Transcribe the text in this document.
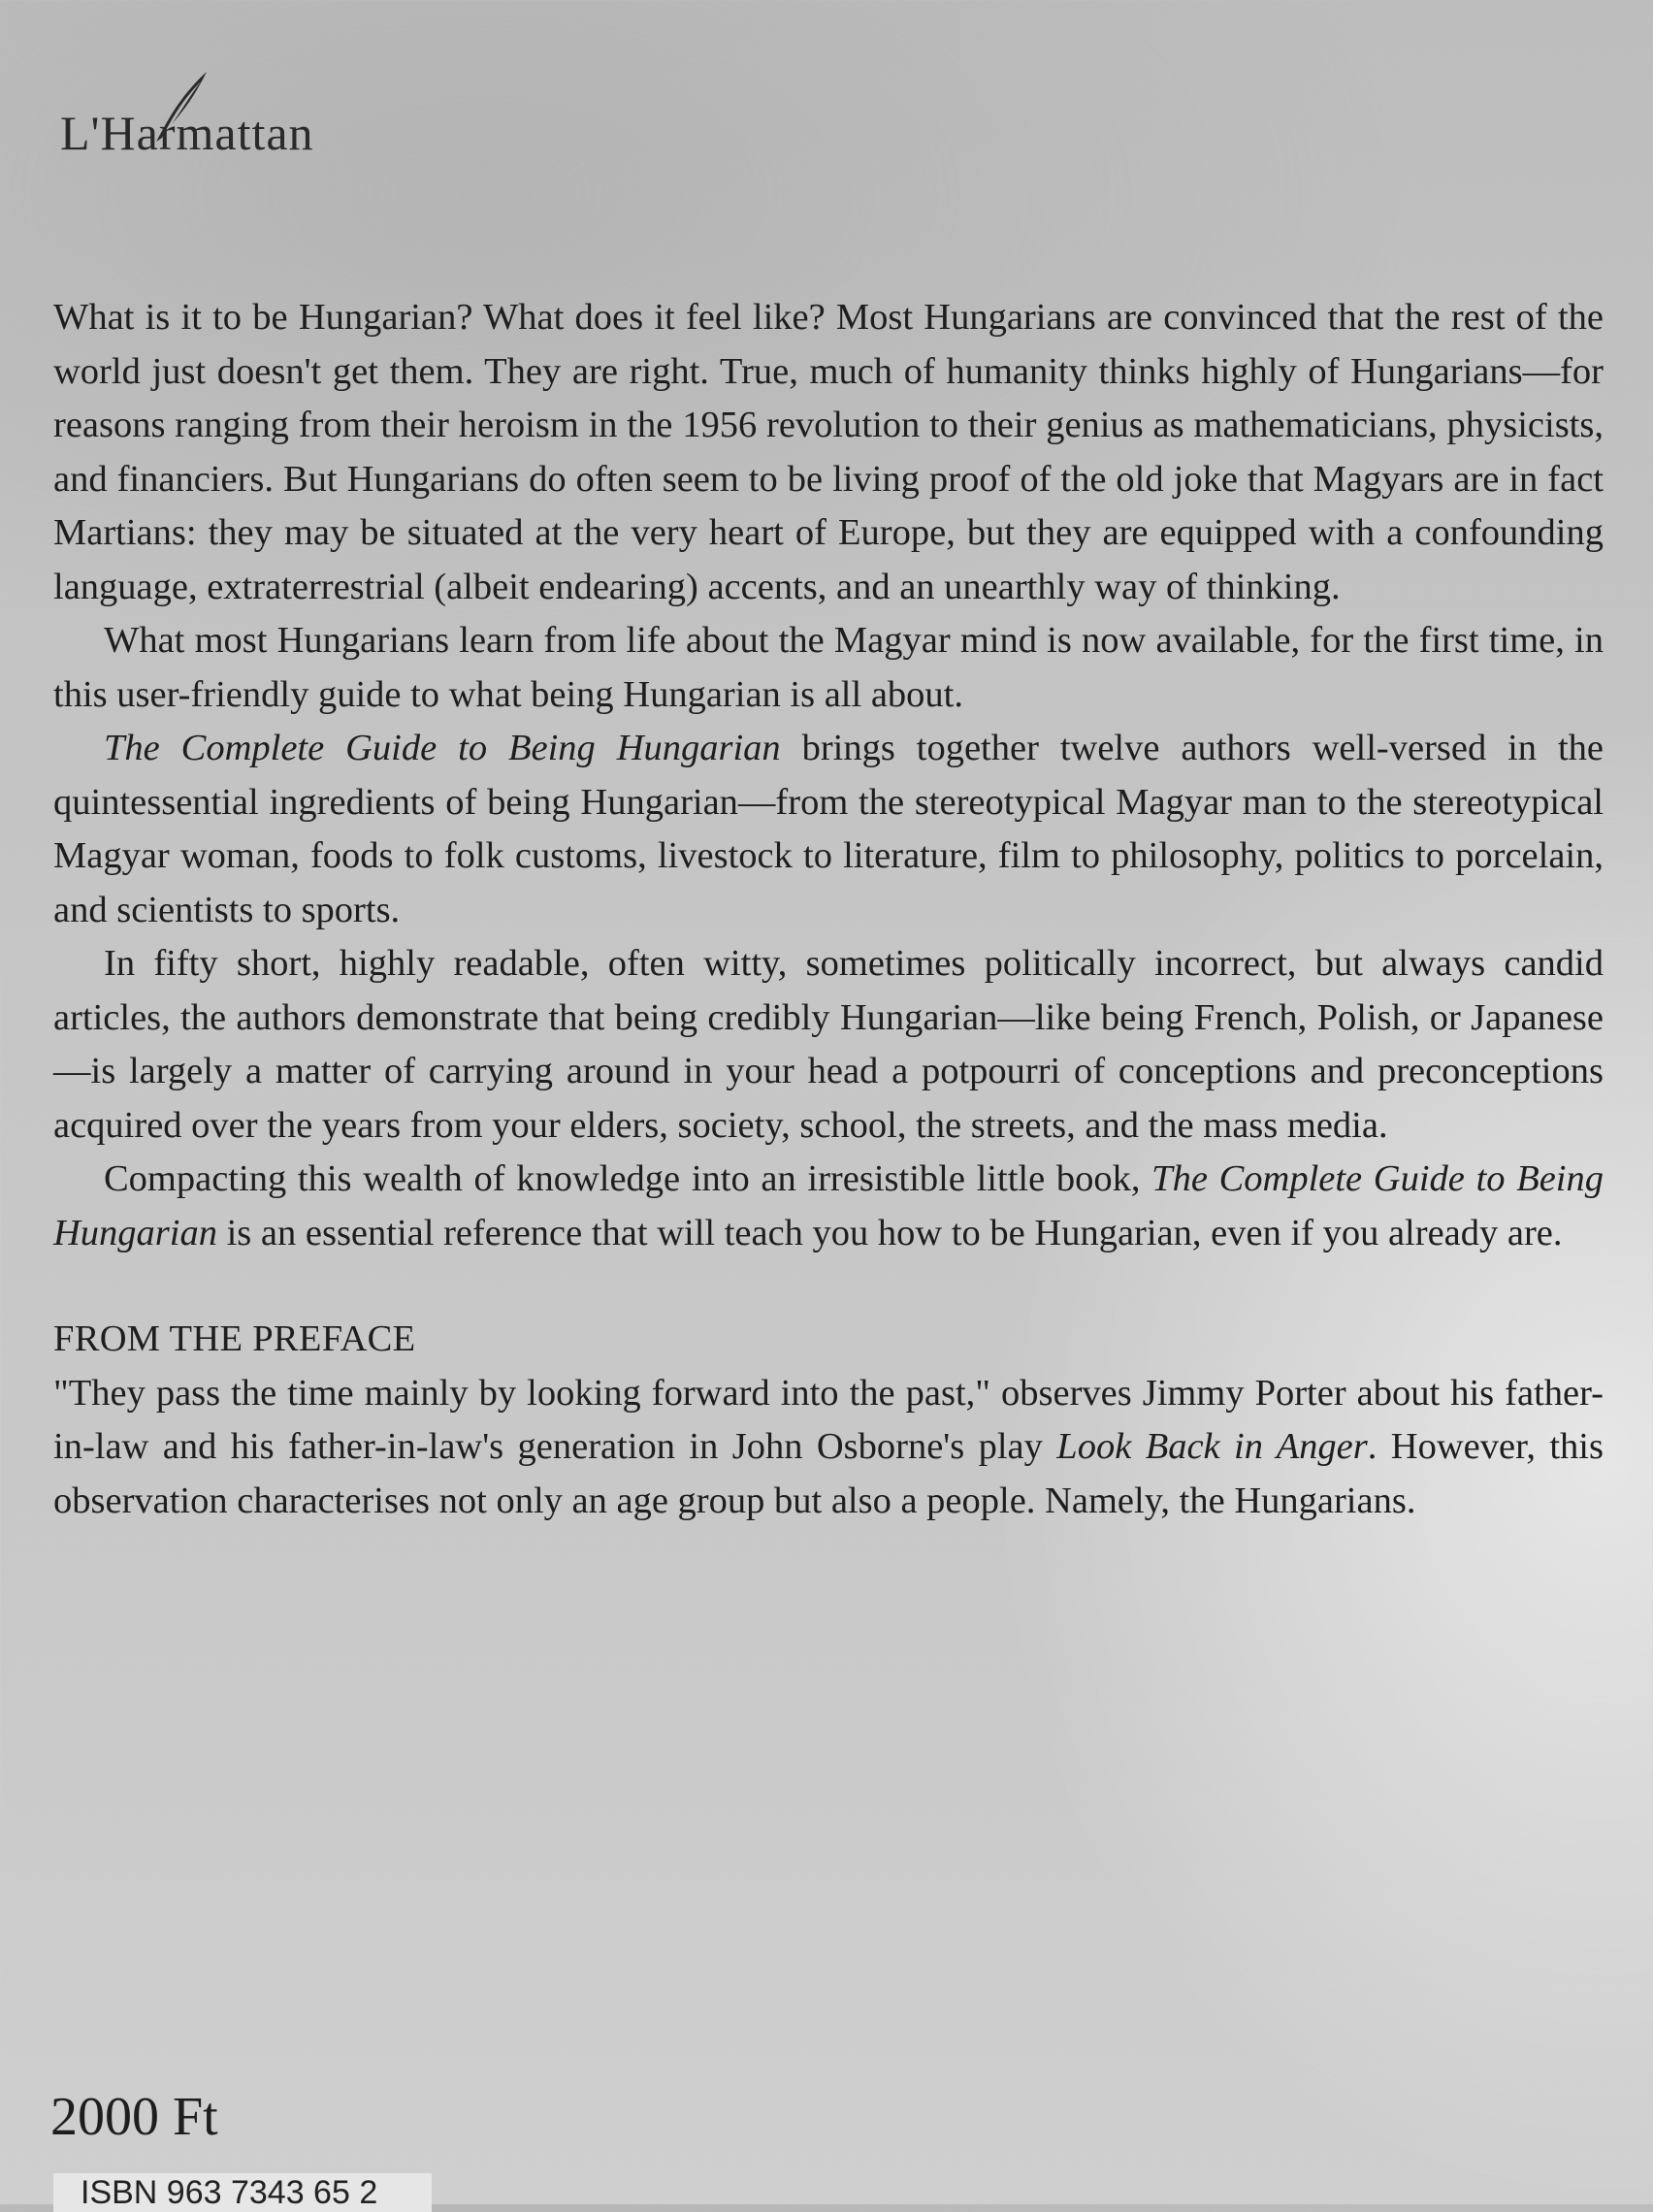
L'Harmattan

What is it to be Hungarian? What does it feel like? Most Hungarians are convinced that the rest of the world just doesn't get them. They are right. True, much of humanity thinks highly of Hungarians—for reasons ranging from their heroism in the 1956 revolution to their genius as mathematicians, physicists, and financiers. But Hungarians do often seem to be living proof of the old joke that Magyars are in fact Martians: they may be situated at the very heart of Europe, but they are equipped with a confounding language, extraterrestrial (albeit endearing) accents, and an unearthly way of thinking.

What most Hungarians learn from life about the Magyar mind is now available, for the first time, in this user-friendly guide to what being Hungarian is all about.

The Complete Guide to Being Hungarian brings together twelve authors well-versed in the quintessential ingredients of being Hungarian—from the stereotypical Magyar man to the stereotypical Magyar woman, foods to folk customs, livestock to literature, film to philosophy, politics to porcelain, and scientists to sports.

In fifty short, highly readable, often witty, sometimes politically incorrect, but always candid articles, the authors demonstrate that being credibly Hungarian—like being French, Polish, or Japanese—is largely a matter of carrying around in your head a potpourri of conceptions and preconceptions acquired over the years from your elders, society, school, the streets, and the mass media.

Compacting this wealth of knowledge into an irresistible little book, The Complete Guide to Being Hungarian is an essential reference that will teach you how to be Hungarian, even if you already are.

FROM THE PREFACE

"They pass the time mainly by looking forward into the past," observes Jimmy Porter about his father-in-law and his father-in-law's generation in John Osborne's play Look Back in Anger. However, this observation characterises not only an age group but also a people. Namely, the Hungarians.

2000 Ft
ISBN 963 7343 65 2
